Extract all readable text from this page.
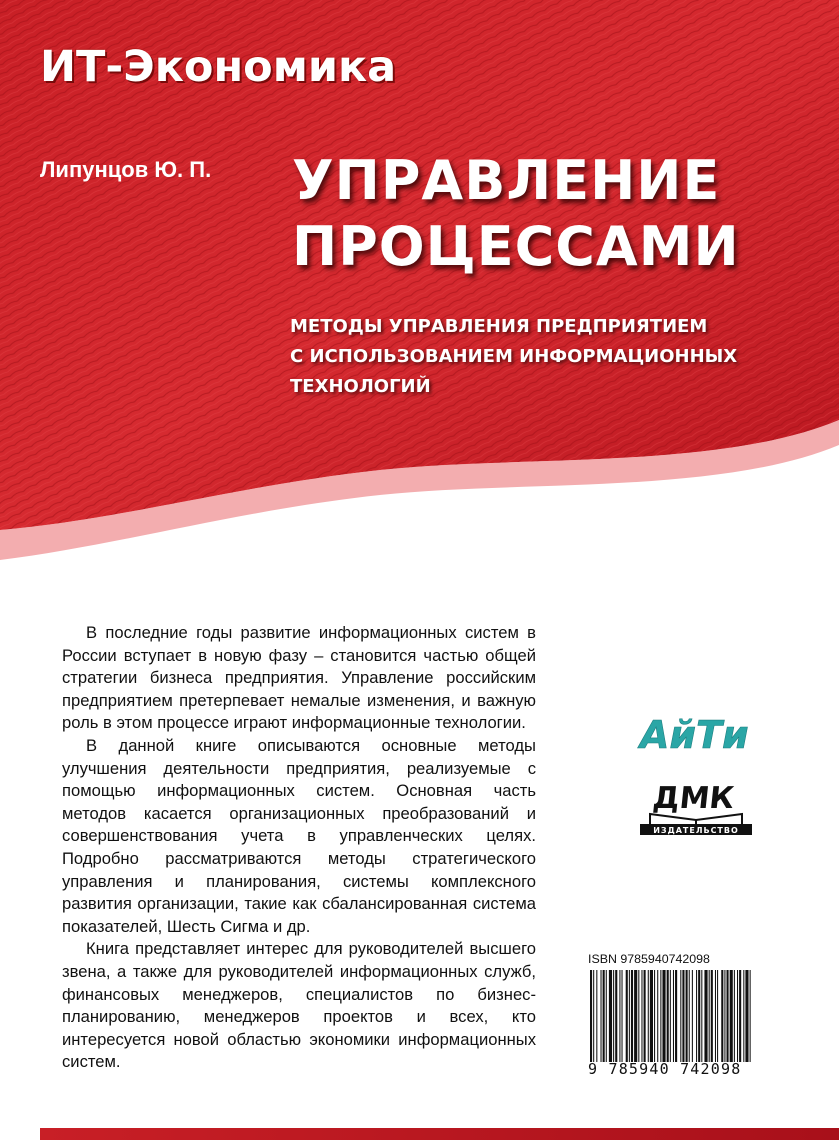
ИТ-Экономика
Липунцов Ю. П. УПРАВЛЕНИЕ
ПРОЦЕССАМИ
МЕТОДЫ УПРАВЛЕНИЯ ПРЕДПРИЯТИЕМ
С ИСПОЛЬЗОВАНИЕМ ИНФОРМАЦИОННЫХ
ТЕХНОЛОГИЙ

В последние годы развитие информационных систем в России вступает в новую фазу – становится частью общей стратегии бизнеса предприятия. Управление российским предприятием претерпевает немалые изменения, и важную роль в этом процессе играют информационные технологии.

В данной книге описываются основные методы улучшения деятельности предприятия, реализуемые с помощью информационных систем. Основная часть методов касается организационных преобразований и совершенствования учета в управленческих целях. Подробно рассматриваются методы стратегического управления и планирования, системы комплексного развития организации, такие как сбалансированная система показателей, Шесть Сигма и др.

Книга представляет интерес для руководителей высшего звена, а также для руководителей информационных служб, финансовых менеджеров, специалистов по бизнес-планированию, менеджеров проектов и всех, кто интересуется новой областью экономики информационных систем.

АйТи
ДМК
ИЗДАТЕЛЬСТВО
ISBN 9785940742098
9 785940 742098
